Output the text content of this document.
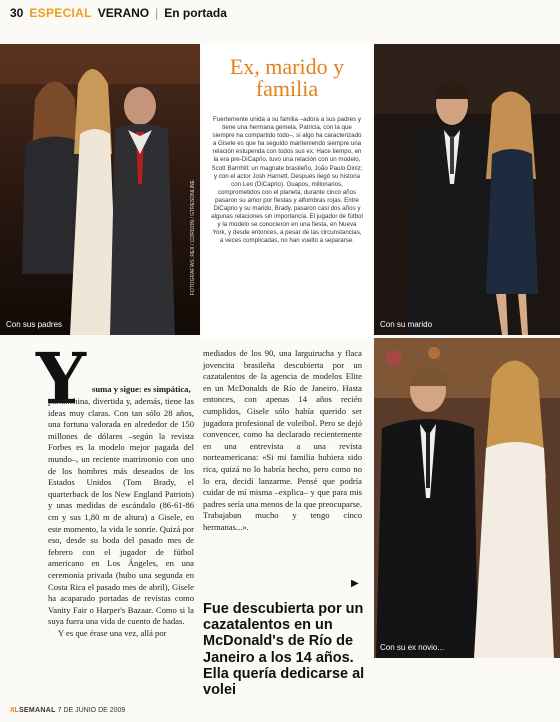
30 ESPECIAL VERANO | En portada
FOTOGRAFÍAS: REX / CORDON / GTRESONLINE
Con sus padres
Ex, marido y familia
Fuertemente unida a su familia –adora a sus padres y tiene una hermana gemela, Patricia, con la que siempre ha compartido todo–, si algo ha caracterizado a Gisele es que ha seguido manteniendo siempre una relación estupenda con todos sus ex. Hace tiempo, en la era pre-DiCaprio, tuvo una relación con un modelo, Scott Barnhill; un magnate brasileño, João Paulo Diniz; y con el actor Josh Harnett. Después llegó su historia con Leo (DiCaprio). Guapos, millonarios, comprometidos con el planeta, durante cinco años pasaron su amor por fiestas y alfombras rojas. Entre DiCaprio y su marido, Brady, pasaron casi dos años y algunas relaciones sin importancia. El jugador de fútbol y la modelo se conocieron en una fiesta, en Nueva York, y desde entonces, a pesar de las circunstancias, a veces complicadas, no han vuelto a separarse.
Con su marido
Con su ex novio...
Y suma y sigue: es simpática,

parlanchina, divertida y, además, tiene las ideas muy claras. Con tan sólo 28 años, una fortuna valorada en alrededor de 150 millones de dólares –según la revista Forbes es la modelo mejor pagada del mundo–, un reciente matrimonio con uno de los hombres más deseados de los Estados Unidos (Tom Brady, el quarterback de los New England Patriots) y unas medidas de escándalo (86-61-86 cm y sus 1,80 m de altura) a Gisele, en este momento, la vida le sonríe. Quizá por eso, desde su boda del pasado mes de febrero con el jugador de fútbol americano en Los Ángeles, en una ceremonia privada (hubo una segunda en Costa Rica el pasado mes de abril), Gisele ha acaparado portadas de revistas como Vanity Fair o Harper's Bazaar. Como si la suya fuera una vida de cuento de hadas.

Y es que érase una vez, allá por

mediados de los 90, una larguirucha y flaca jovencita brasileña descubierta por un cazatalentos de la agencia de modelos Elite en un McDonalds de Río de Janeiro. Hasta entonces, con apenas 14 años recién cumplidos, Gisele sólo había querido ser jugadora profesional de voleibol. Pero se dejó convencer, como ha declarado recientemente en una entrevista a una revista norteamericana: «Si mi familia hubiera sido rica, quizá no lo habría hecho, pero como no lo era, decidí lanzarme. Pensé que podría cuidar de mí misma –explica– y que para mis padres sería una menos de la que preocuparse. Trabajaban mucho y tengo cinco hermanas...».

▶
Fue descubierta por un cazatalentos en un McDonald's de Río de Janeiro a los 14 años. Ella quería dedicarse al volei
XLSEMANAL 7 DE JUNIO DE 2009
